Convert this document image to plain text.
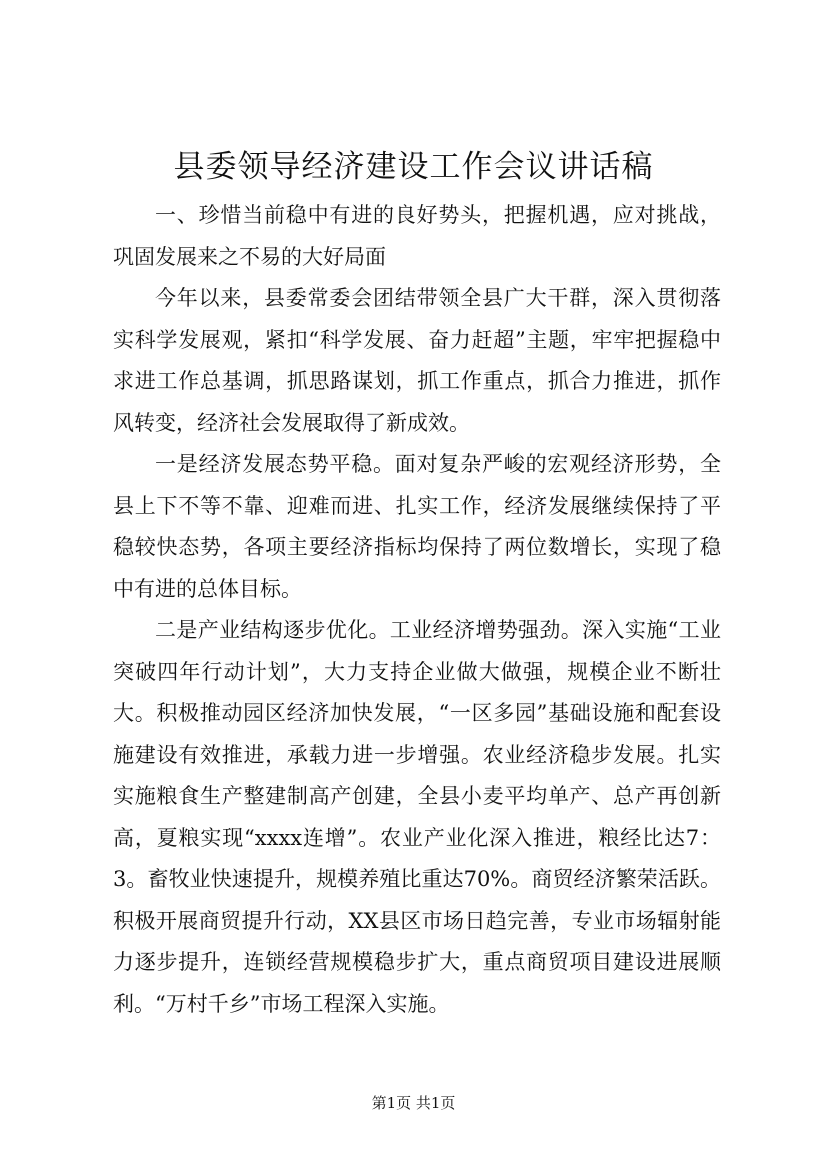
县委领导经济建设工作会议讲话稿

一、珍惜当前稳中有进的良好势头，把握机遇，应对挑战，巩固发展来之不易的大好局面

今年以来，县委常委会团结带领全县广大干群，深入贯彻落实科学发展观，紧扣“科学发展、奋力赶超”主题，牢牢把握稳中求进工作总基调，抓思路谋划，抓工作重点，抓合力推进，抓作风转变，经济社会发展取得了新成效。

一是经济发展态势平稳。面对复杂严峻的宏观经济形势，全县上下不等不靠、迎难而进、扎实工作，经济发展继续保持了平稳较快态势，各项主要经济指标均保持了两位数增长，实现了稳中有进的总体目标。

二是产业结构逐步优化。工业经济增势强劲。深入实施“工业突破四年行动计划”，大力支持企业做大做强，规模企业不断壮大。积极推动园区经济加快发展，“一区多园”基础设施和配套设施建设有效推进，承载力进一步增强。农业经济稳步发展。扎实实施粮食生产整建制高产创建，全县小麦平均单产、总产再创新高，夏粮实现“xxxx连增”。农业产业化深入推进，粮经比达7：3。畜牧业快速提升，规模养殖比重达70%。商贸经济繁荣活跃。积极开展商贸提升行动，XX县区市场日趋完善，专业市场辐射能力逐步提升，连锁经营规模稳步扩大，重点商贸项目建设进展顺利。“万村千乡”市场工程深入实施。

第1页 共1页
